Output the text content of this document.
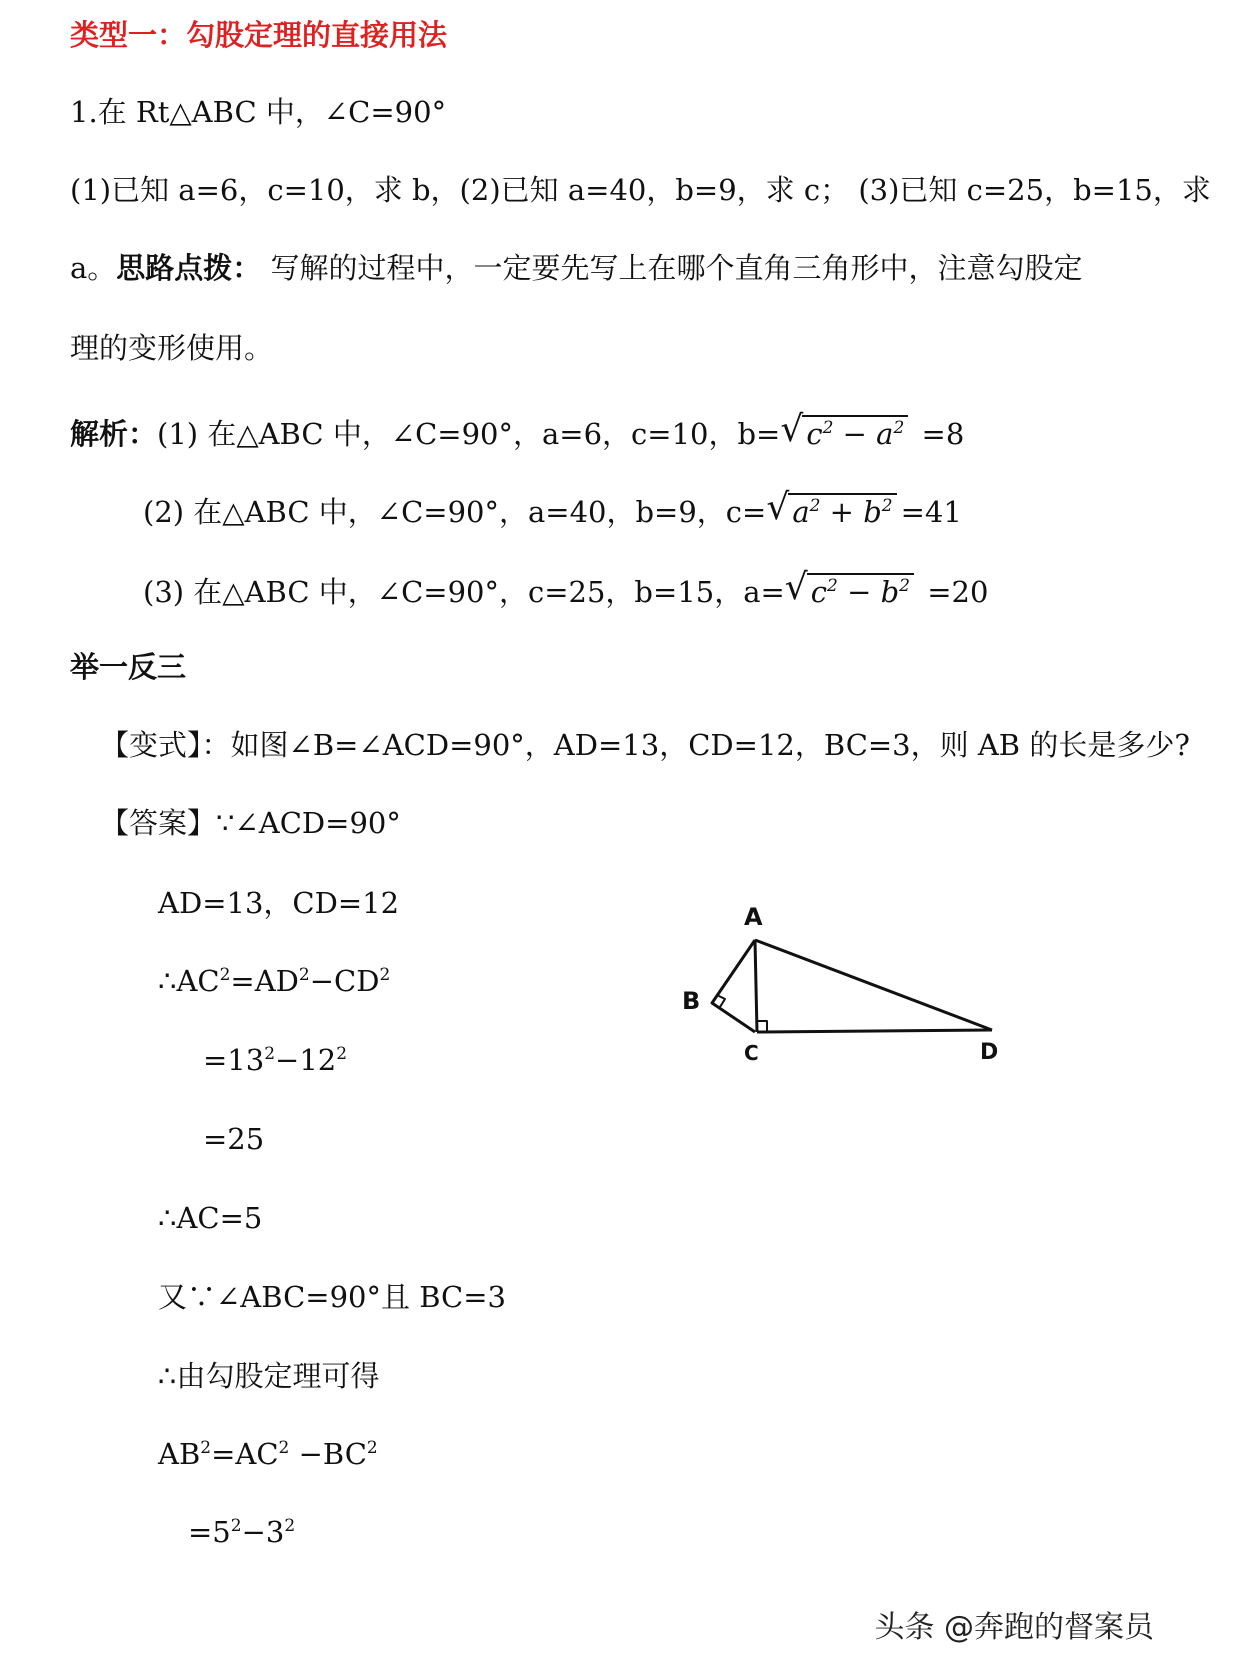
类型一：勾股定理的直接用法
1.在 Rt△ABC 中，∠C=90°
(1)已知 a=6，c=10，求 b，(2)已知 a=40，b=9，求 c； (3)已知 c=25，b=15，求
a。思路点拨： 写解的过程中，一定要先写上在哪个直角三角形中，注意勾股定
理的变形使用。
解析：(1) 在△ABC 中，∠C=90°，a=6，c=10，b= √ $c^2 - a^2 =8$
(2) 在△ABC 中，∠C=90°，a=40，b=9，c= √ $a^2 + b^2 =41$
(3) 在△ABC 中，∠C=90°，c=25，b=15，a= √ $c^2 - b^2 =20$
举一反三
【变式】：如图∠B=∠ACD=90°，AD=13，CD=12，BC=3，则 AB 的长是多少?
【答案】∵∠ACD=90°
AD=13，CD=12
$\therefore AC^2=AD^2-CD^2$
$=13^2-12^2$
=25
∴AC=5
又∵∠ABC=90°且 BC=3
∴由勾股定理可得
$AB^2=AC^2 -BC^2$
$=5^2-3^2$
A
B
C	D
头条 @奔跑的督案员
